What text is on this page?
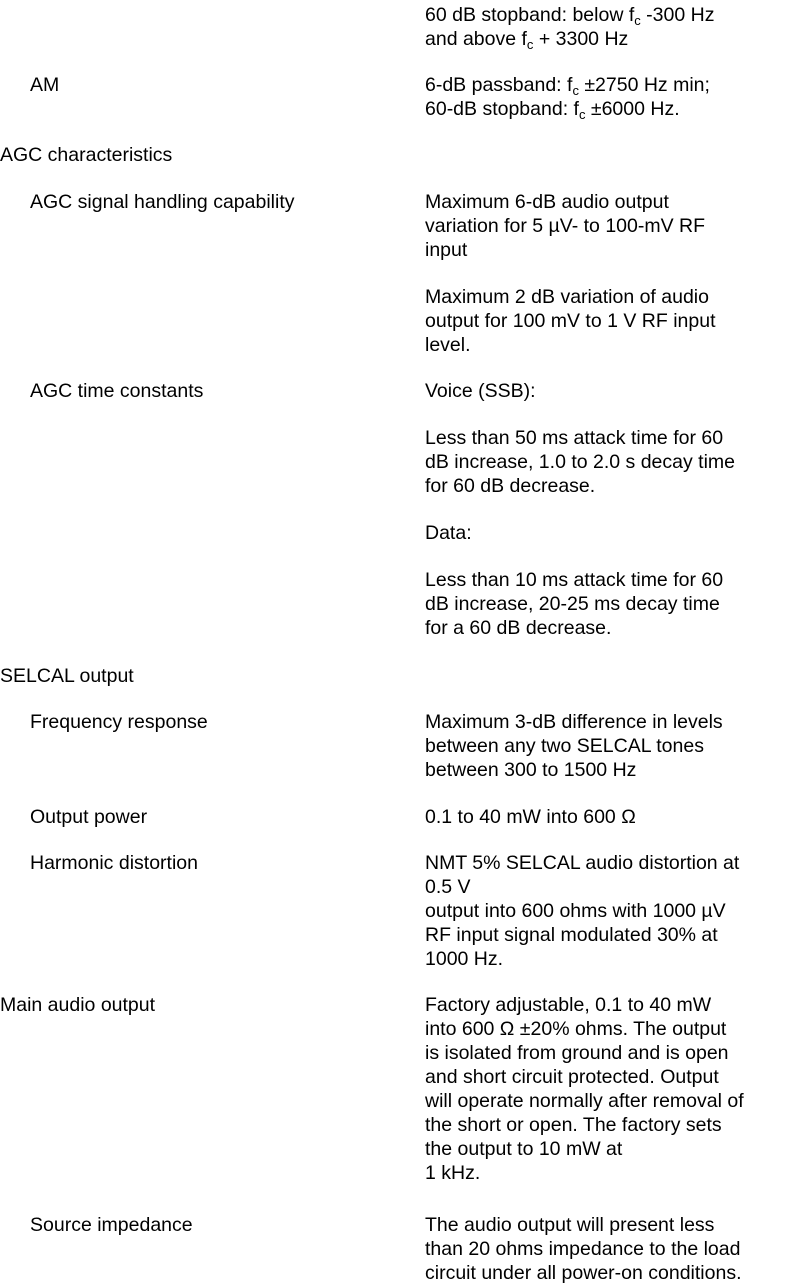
60 dB stopband: below $f_c$ -300 Hz
and above $f_c + 3300$ Hz

AM	6-dB passband: $f_c \pm 2750$ Hz min;
60-dB stopband: $f_c \pm 6000$ Hz.

AGC characteristics
AGC signal handling capability	Maximum 6-dB audio output
variation for 5 µV- to 100-mV RF
input

Maximum 2 dB variation of audio
output for 100 mV to 1 V RF input
level.

AGC time constants	Voice (SSB):

Less than 50 ms attack time for 60
dB increase, 1.0 to 2.0 s decay time
for 60 dB decrease.

Data:

Less than 10 ms attack time for 60
dB increase, 20-25 ms decay time
for a 60 dB decrease.

SELCAL output
Frequency response	Maximum 3-dB difference in levels
between any two SELCAL tones
between 300 to 1500 Hz

Output power	0.1 to 40 mW into 600 Ω

Harmonic distortion	NMT 5% SELCAL audio distortion at
0.5 V
output into 600 ohms with 1000 µV
RF input signal modulated 30% at
1000 Hz.

Main audio output	Factory adjustable, 0.1 to 40 mW
into 600 Ω ±20% ohms. The output
is isolated from ground and is open
and short circuit protected. Output
will operate normally after removal of
the short or open. The factory sets
the output to 10 mW at
1 kHz.

Source impedance	The audio output will present less
than 20 ohms impedance to the load
circuit under all power-on conditions.
